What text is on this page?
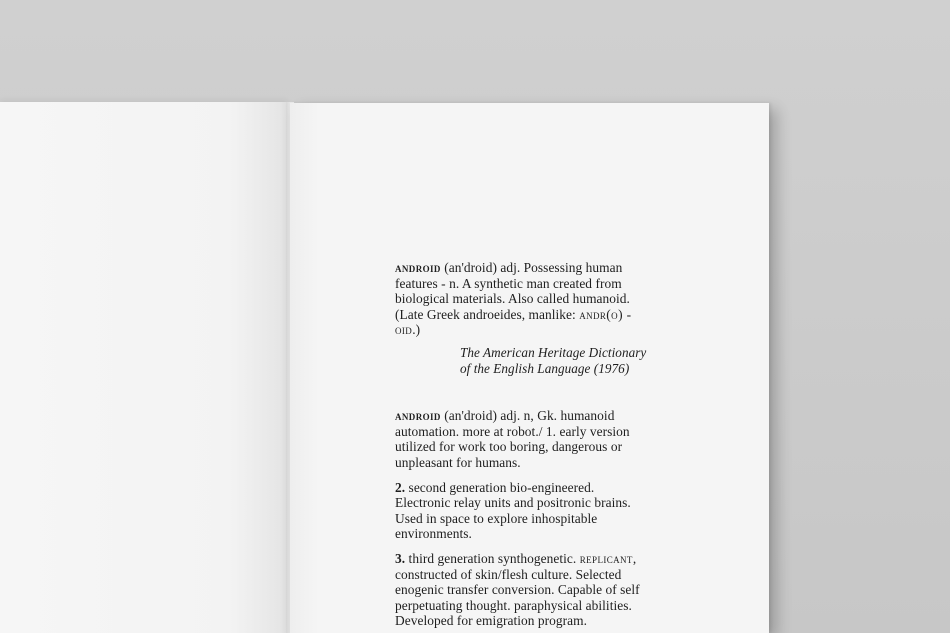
android (an'droid) adj. Possessing human
features - n. A synthetic man created from
biological materials. Also called humanoid.
(Late Greek androeides, manlike: andr(o) -
oid.)

The American Heritage Dictionary
of the English Language (1976)

android (an'droid) adj. n, Gk. humanoid
automation. more at robot./ 1. early version
utilized for work too boring, dangerous or
unpleasant for humans.

2. second generation bio-engineered.
Electronic relay units and positronic brains.
Used in space to explore inhospitable
environments.

3. third generation synthogenetic. replicant,
constructed of skin/flesh culture. Selected
enogenic transfer conversion. Capable of self
perpetuating thought. paraphysical abilities.
Developed for emigration program.
